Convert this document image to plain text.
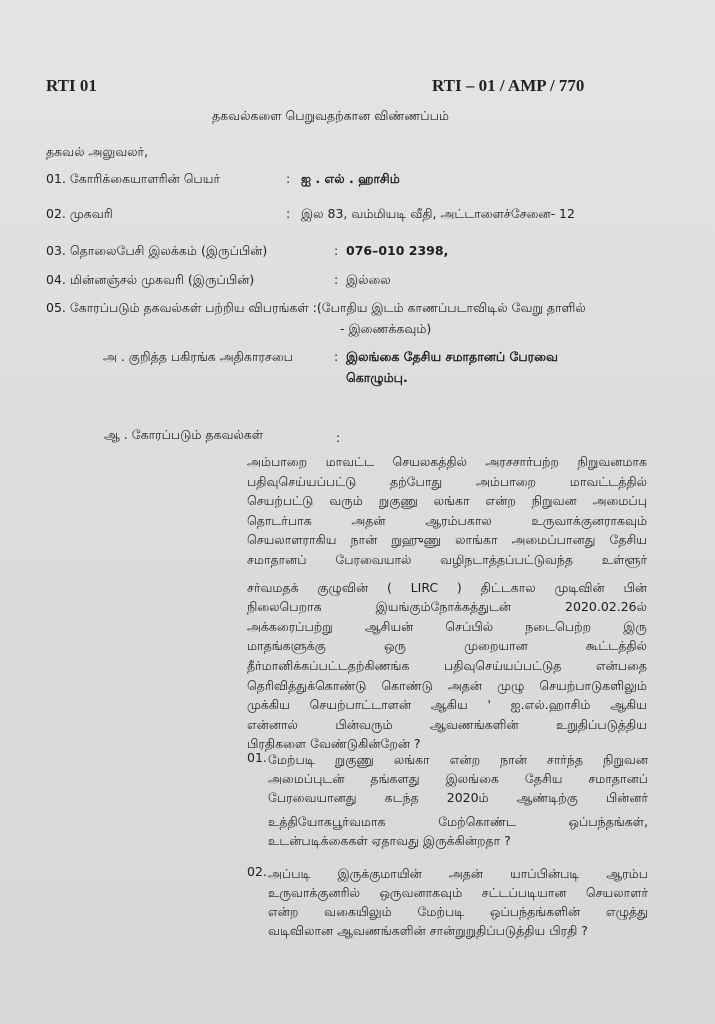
RTI 01	RTI – 01 / AMP / 770
தகவல்களை பெறுவதற்கான விண்ணப்பம்
தகவல் அலுவலர்,
01. கோரிக்கையாளரின் பெயர்	: ஐ . எல் . ஹாசிம்
02. முகவரி	: இல 83, வம்மியடி வீதி, அட்டாளைச்சேனை- 12
03. தொலைபேசி இலக்கம் (இருப்பின்)	: 076–010 2398,
04. மின்னஞ்சல் முகவரி (இருப்பின்)	: இல்லை
05. கோரப்படும் தகவல்கள் பற்றிய விபரங்கள் :(போதிய இடம் காணப்படாவிடில் வேறு தாளில்
- இணைக்கவும்)
அ . குறித்த பகிரங்க அதிகாரசபை	: இலங்கை தேசிய சமாதானப் பேரவை
கொழும்பு.
ஆ . கோரப்படும் தகவல்கள்	:
அம்பாறை மாவட்ட செயலகத்தில் அரசசார்பற்ற நிறுவனமாக
பதிவுசெய்யப்பட்டு தற்போது அம்பாறை மாவட்டத்தில்
செயற்பட்டு வரும் றுகுணு லங்கா என்ற நிறுவன அமைப்பு
தொடர்பாக அதன் ஆரம்பகால உருவாக்குனராகவும்
செயலாளராகிய நான் றுஹுணு லாங்கா அமைப்பானது தேசிய
சமாதானப் பேரவையால் வழிநடாத்தப்பட்டுவந்த உள்ளூர்
சர்வமதக் குழுவின் ( LIRC ) திட்டகால முடிவின் பின்
நிலைபெறாக இயங்கும்நோக்கத்துடன் 2020.02.26ல்
அக்கரைப்பற்று ஆசியன் செப்பில் நடைபெற்ற இரு
மாதங்களுக்கு ஒரு முறையான கூட்டத்தில்
தீர்மானிக்கப்பட்டதற்கிணங்க பதிவுசெய்யப்பட்டுத என்பதை
தெரிவித்துக்கொண்டு கொண்டு அதன் முழு செயற்பாடுகளிலும்
முக்கிய செயற்பாட்டாளன் ஆகிய ' ஐ.எல்.ஹாசிம் ஆகிய
என்னால் பின்வரும் ஆவணங்களின் உறுதிப்படுத்திய
பிரதிகளை வேண்டுகின்றேன் ?
01. மேற்படி றுகுணு லங்கா என்ற நான் சார்ந்த நிறுவன
அமைப்புடன் தங்களது இலங்கை தேசிய சமாதானப்
பேரவையானது கடந்த 2020ம் ஆண்டிற்கு பின்னர்
உத்தியோகபூர்வமாக மேற்கொண்ட ஒப்பந்தங்கள்,
உடன்படிக்கைகள் ஏதாவது இருக்கின்றதா ?
02. அப்படி இருக்குமாயின் அதன் யாப்பின்படி ஆரம்ப
உருவாக்குனரில் ஒருவனாகவும் சட்டப்படியான செயலாளர்
என்ற வகையிலும் மேற்படி ஒப்பந்தங்களின் எழுத்து
வடிவிலான ஆவணங்களின் சான்றுறுதிப்படுத்திய பிரதி ?
